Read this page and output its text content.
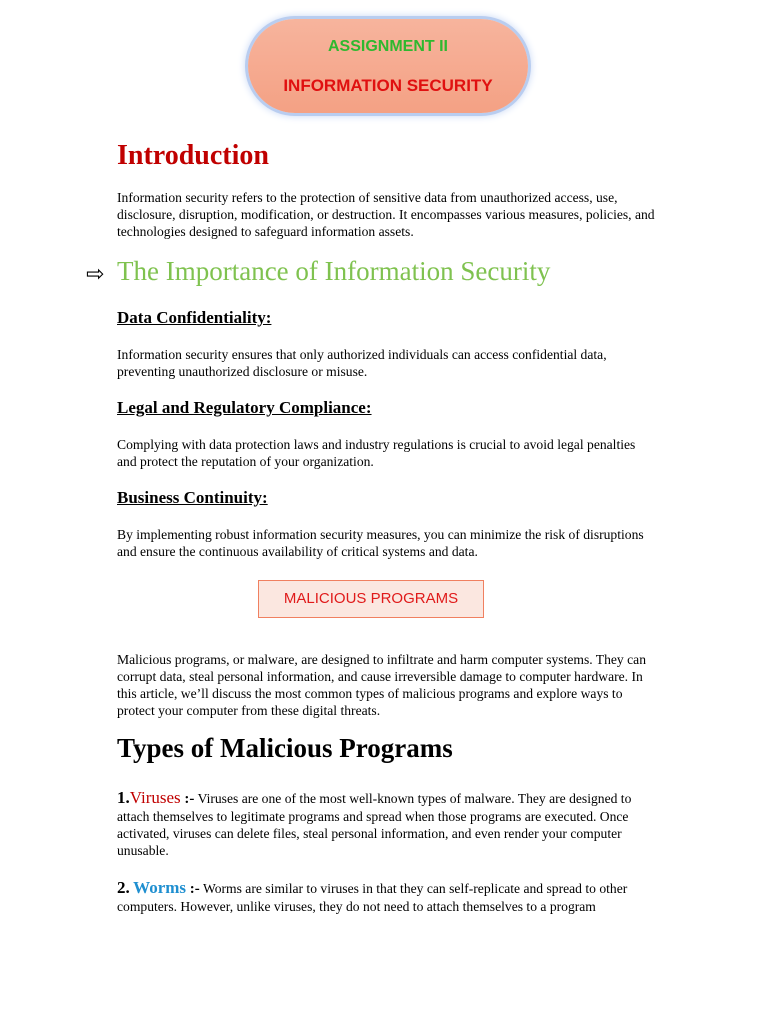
ASSIGNMENT II
INFORMATION SECURITY
Introduction

Information security refers to the protection of sensitive data from unauthorized access, use, disclosure, disruption, modification, or destruction. It encompasses various measures, policies, and technologies designed to safeguard information assets.

⇨ The Importance of Information Security
Data Confidentiality:

Information security ensures that only authorized individuals can access confidential data, preventing unauthorized disclosure or misuse.

Legal and Regulatory Compliance:

Complying with data protection laws and industry regulations is crucial to avoid legal penalties and protect the reputation of your organization.

Business Continuity:

By implementing robust information security measures, you can minimize the risk of disruptions and ensure the continuous availability of critical systems and data.

MALICIOUS PROGRAMS

Malicious programs, or malware, are designed to infiltrate and harm computer systems. They can corrupt data, steal personal information, and cause irreversible damage to computer hardware. In this article, we’ll discuss the most common types of malicious programs and explore ways to protect your computer from these digital threats.

Types of Malicious Programs

1.Viruses :- Viruses are one of the most well-known types of malware. They are designed to attach themselves to legitimate programs and spread when those programs are executed. Once activated, viruses can delete files, steal personal information, and even render your computer unusable.

2. Worms :- Worms are similar to viruses in that they can self-replicate and spread to other computers. However, unlike viruses, they do not need to attach themselves to a program
